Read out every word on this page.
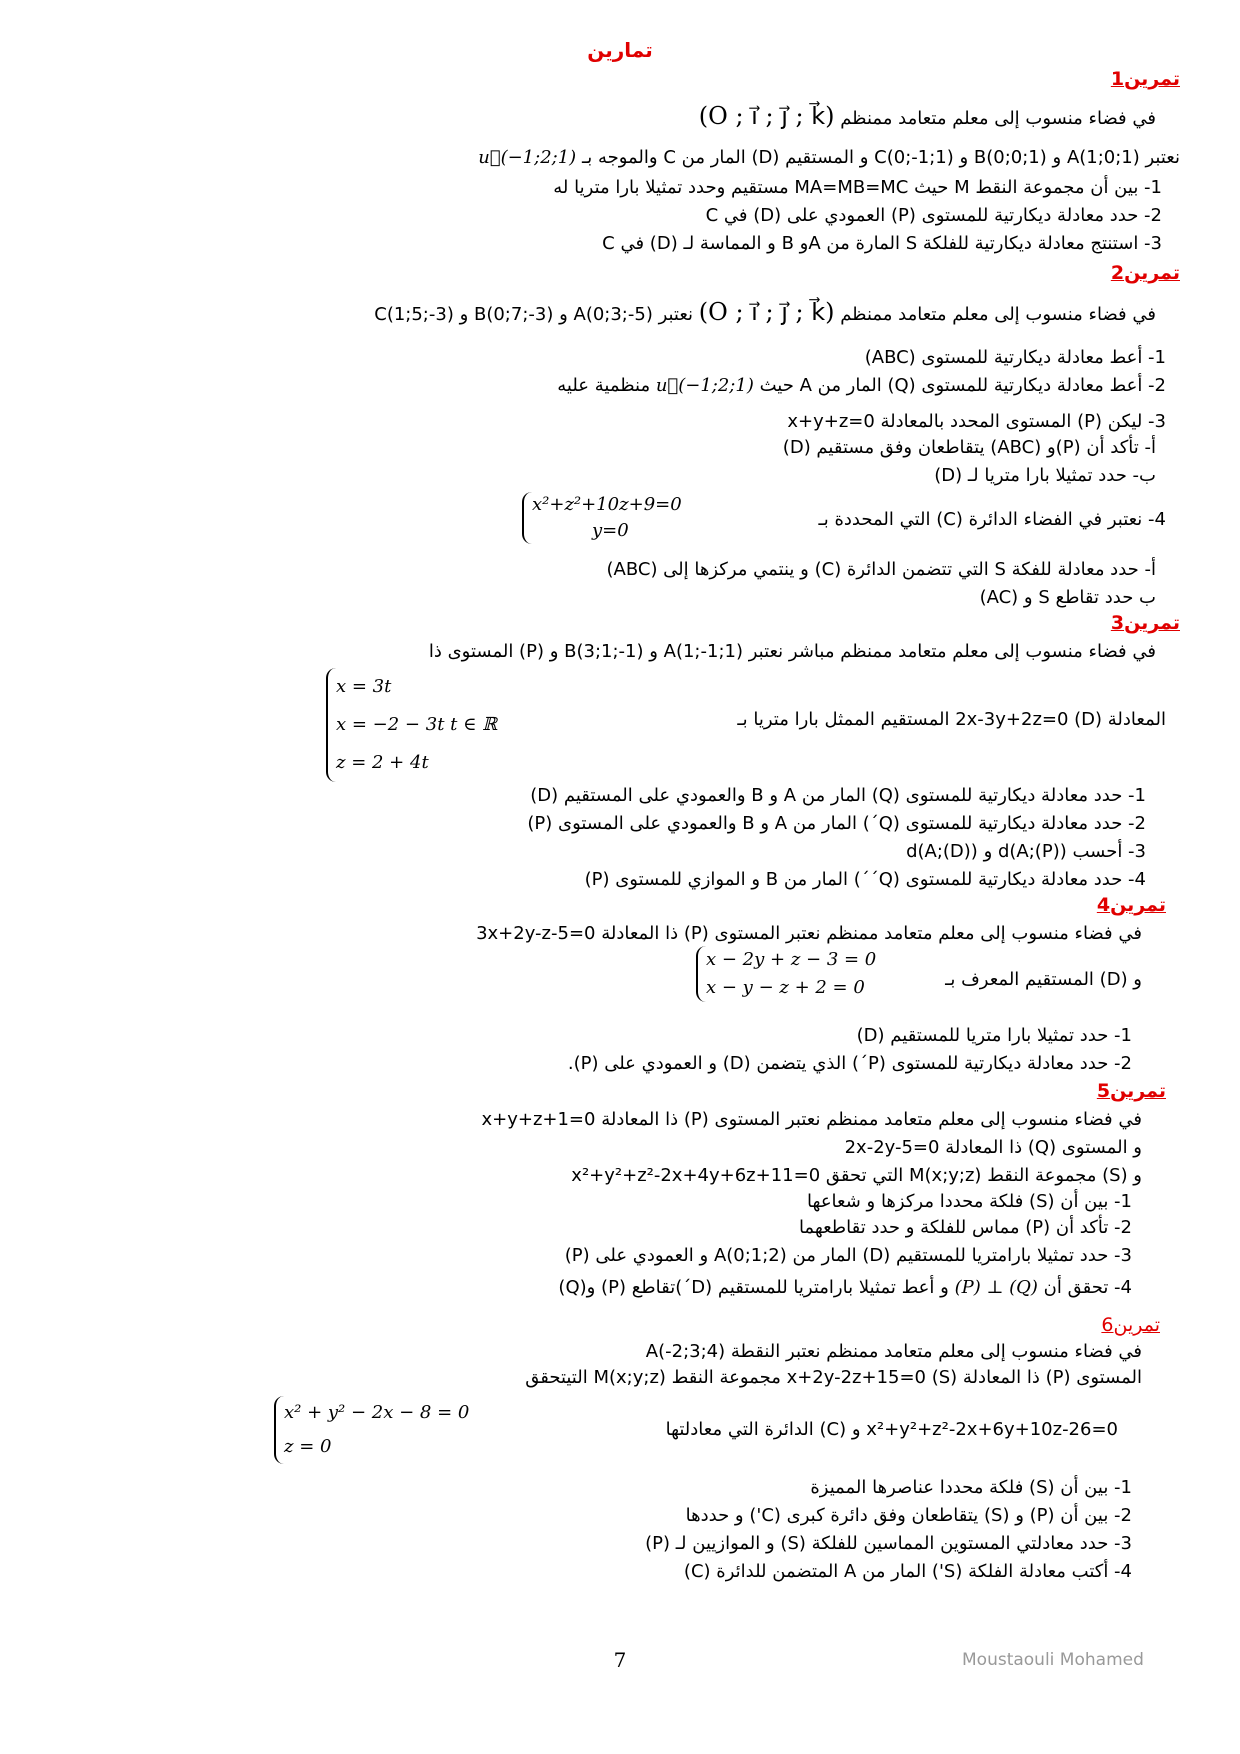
تمارين
تمرين1
في فضاء منسوب إلى معلم متعامد ممنظم (O ; i⃗ ; j⃗ ; k⃗)
نعتبر A(1;0;1) و B(0;0;1) و C(0;-1;1) و المستقيم (D) المار من C والموجه بـ u⃗(−1;2;1)
1- بين أن مجموعة النقط M حيث MA=MB=MC مستقيم وحدد تمثيلا بارا متريا له
2- حدد معادلة ديكارتية للمستوى (P) العمودي على (D) في C
3- استنتج معادلة ديكارتية للفلكة S المارة من Aو B و المماسة لـ (D) في C
تمرين2
في فضاء منسوب إلى معلم متعامد ممنظم (O ; i⃗ ; j⃗ ; k⃗) نعتبر A(0;3;-5) و B(0;7;-3) و C(1;5;-3)
1- أعط معادلة ديكارتية للمستوى (ABC)
2- أعط معادلة ديكارتية للمستوى (Q) المار من A حيث u⃗(−1;2;1) منظمية عليه
3- ليكن (P) المستوى المحدد بالمعادلة x+y+z=0
أ- تأكد أن (P)و (ABC) يتقاطعان وفق مستقيم (D)
ب- حدد تمثيلا بارا متريا لـ (D)
4- نعتبر في الفضاء الدائرة (C) التي المحددة بـ
x²+z²+10z+9=0
y=0
أ- حدد معادلة للفكة S التي تتضمن الدائرة (C) و ينتمي مركزها إلى (ABC)
ب حدد تقاطع S و (AC)
تمرين3
في فضاء منسوب إلى معلم متعامد ممنظم مباشر نعتبر A(1;-1;1) و B(3;1;-1) و (P) المستوى ذا
المعادلة 2x-3y+2z=0 (D) المستقيم الممثل بارا متريا بـ
x = 3t
x = −2 − 3t t ∈ ℝ
z = 2 + 4t
1- حدد معادلة ديكارتية للمستوى (Q) المار من A و B والعمودي على المستقيم (D)
2- حدد معادلة ديكارتية للمستوى (Q´) المار من A و B والعمودي على المستوى (P)
3- أحسب d(A;(P)) و d(A;(D))
4- حدد معادلة ديكارتية للمستوى (Q´´) المار من B و الموازي للمستوى (P)
تمرين4
في فضاء منسوب إلى معلم متعامد ممنظم نعتبر المستوى (P) ذا المعادلة 3x+2y-z-5=0
و (D) المستقيم المعرف بـ
x − 2y + z − 3 = 0
x − y − z + 2 = 0
1- حدد تمثيلا بارا متريا للمستقيم (D)
2- حدد معادلة ديكارتية للمستوى (P´) الذي يتضمن (D) و العمودي على (P).
تمرين5
في فضاء منسوب إلى معلم متعامد ممنظم نعتبر المستوى (P) ذا المعادلة x+y+z+1=0
و المستوى (Q) ذا المعادلة 2x-2y-5=0
و (S) مجموعة النقط M(x;y;z) التي تحقق x²+y²+z²-2x+4y+6z+11=0
1- بين أن (S) فلكة محددا مركزها و شعاعها
2- تأكد أن (P) مماس للفلكة و حدد تقاطعهما
3- حدد تمثيلا بارامتريا للمستقيم (D) المار من A(0;1;2) و العمودي على (P)
4- تحقق أن (P) ⊥ (Q) و أعط تمثيلا بارامتريا للمستقيم (D´)تقاطع (P) و(Q)
تمرين6
في فضاء منسوب إلى معلم متعامد ممنظم نعتبر النقطة A(-2;3;4)
المستوى (P) ذا المعادلة x+2y-2z+15=0 (S) مجموعة النقط M(x;y;z) التيتحقق
x²+y²+z²-2x+6y+10z-26=0 و (C) الدائرة التي معادلتها
x² + y² − 2x − 8 = 0
z = 0
1- بين أن (S) فلكة محددا عناصرها المميزة
2- بين أن (P) و (S) يتقاطعان وفق دائرة كبرى (C') و حددها
3- حدد معادلتي المستوين المماسين للفلكة (S) و الموازيين لـ (P)
4- أكتب معادلة الفلكة (S') المار من A المتضمن للدائرة (C)
7	Moustaouli Mohamed
